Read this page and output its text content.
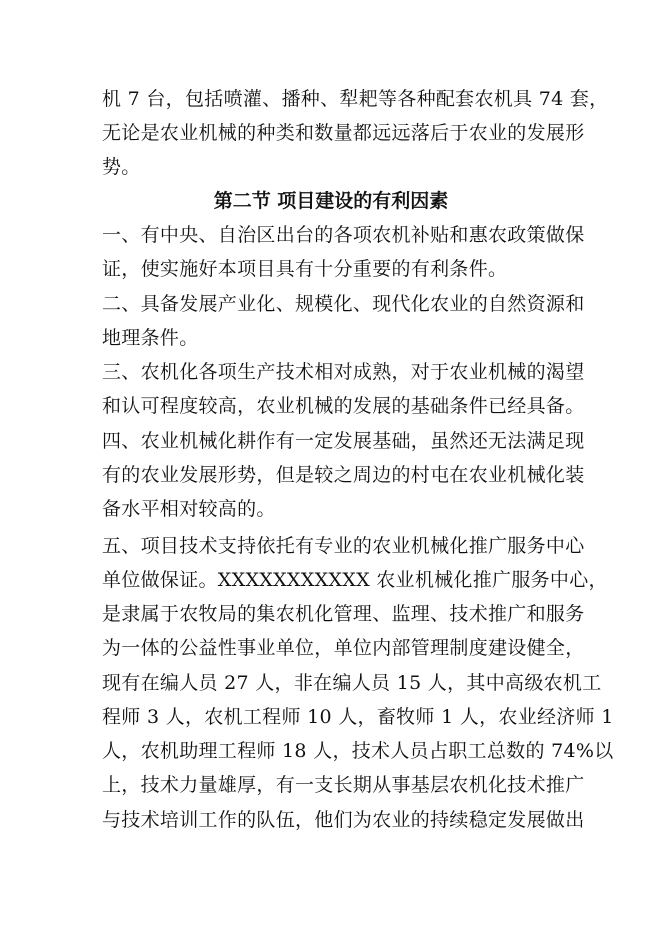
机 7 台，包括喷灌、播种、犁耙等各种配套农机具 74 套，
无论是农业机械的种类和数量都远远落后于农业的发展形
势。
第二节 项目建设的有利因素
一、有中央、自治区出台的各项农机补贴和惠农政策做保
证，使实施好本项目具有十分重要的有利条件。
二、具备发展产业化、规模化、现代化农业的自然资源和
地理条件。
三、农机化各项生产技术相对成熟，对于农业机械的渴望
和认可程度较高，农业机械的发展的基础条件已经具备。
四、农业机械化耕作有一定发展基础，虽然还无法满足现
有的农业发展形势，但是较之周边的村屯在农业机械化装
备水平相对较高的。
五、项目技术支持依托有专业的农业机械化推广服务中心
单位做保证。XXXXXXXXXXX 农业机械化推广服务中心，
是隶属于农牧局的集农机化管理、监理、技术推广和服务
为一体的公益性事业单位，单位内部管理制度建设健全，
现有在编人员 27 人，非在编人员 15 人，其中高级农机工
程师 3 人，农机工程师 10 人，畜牧师 1 人，农业经济师 1
人，农机助理工程师 18 人，技术人员占职工总数的 74%以
上，技术力量雄厚，有一支长期从事基层农机化技术推广
与技术培训工作的队伍，他们为农业的持续稳定发展做出
